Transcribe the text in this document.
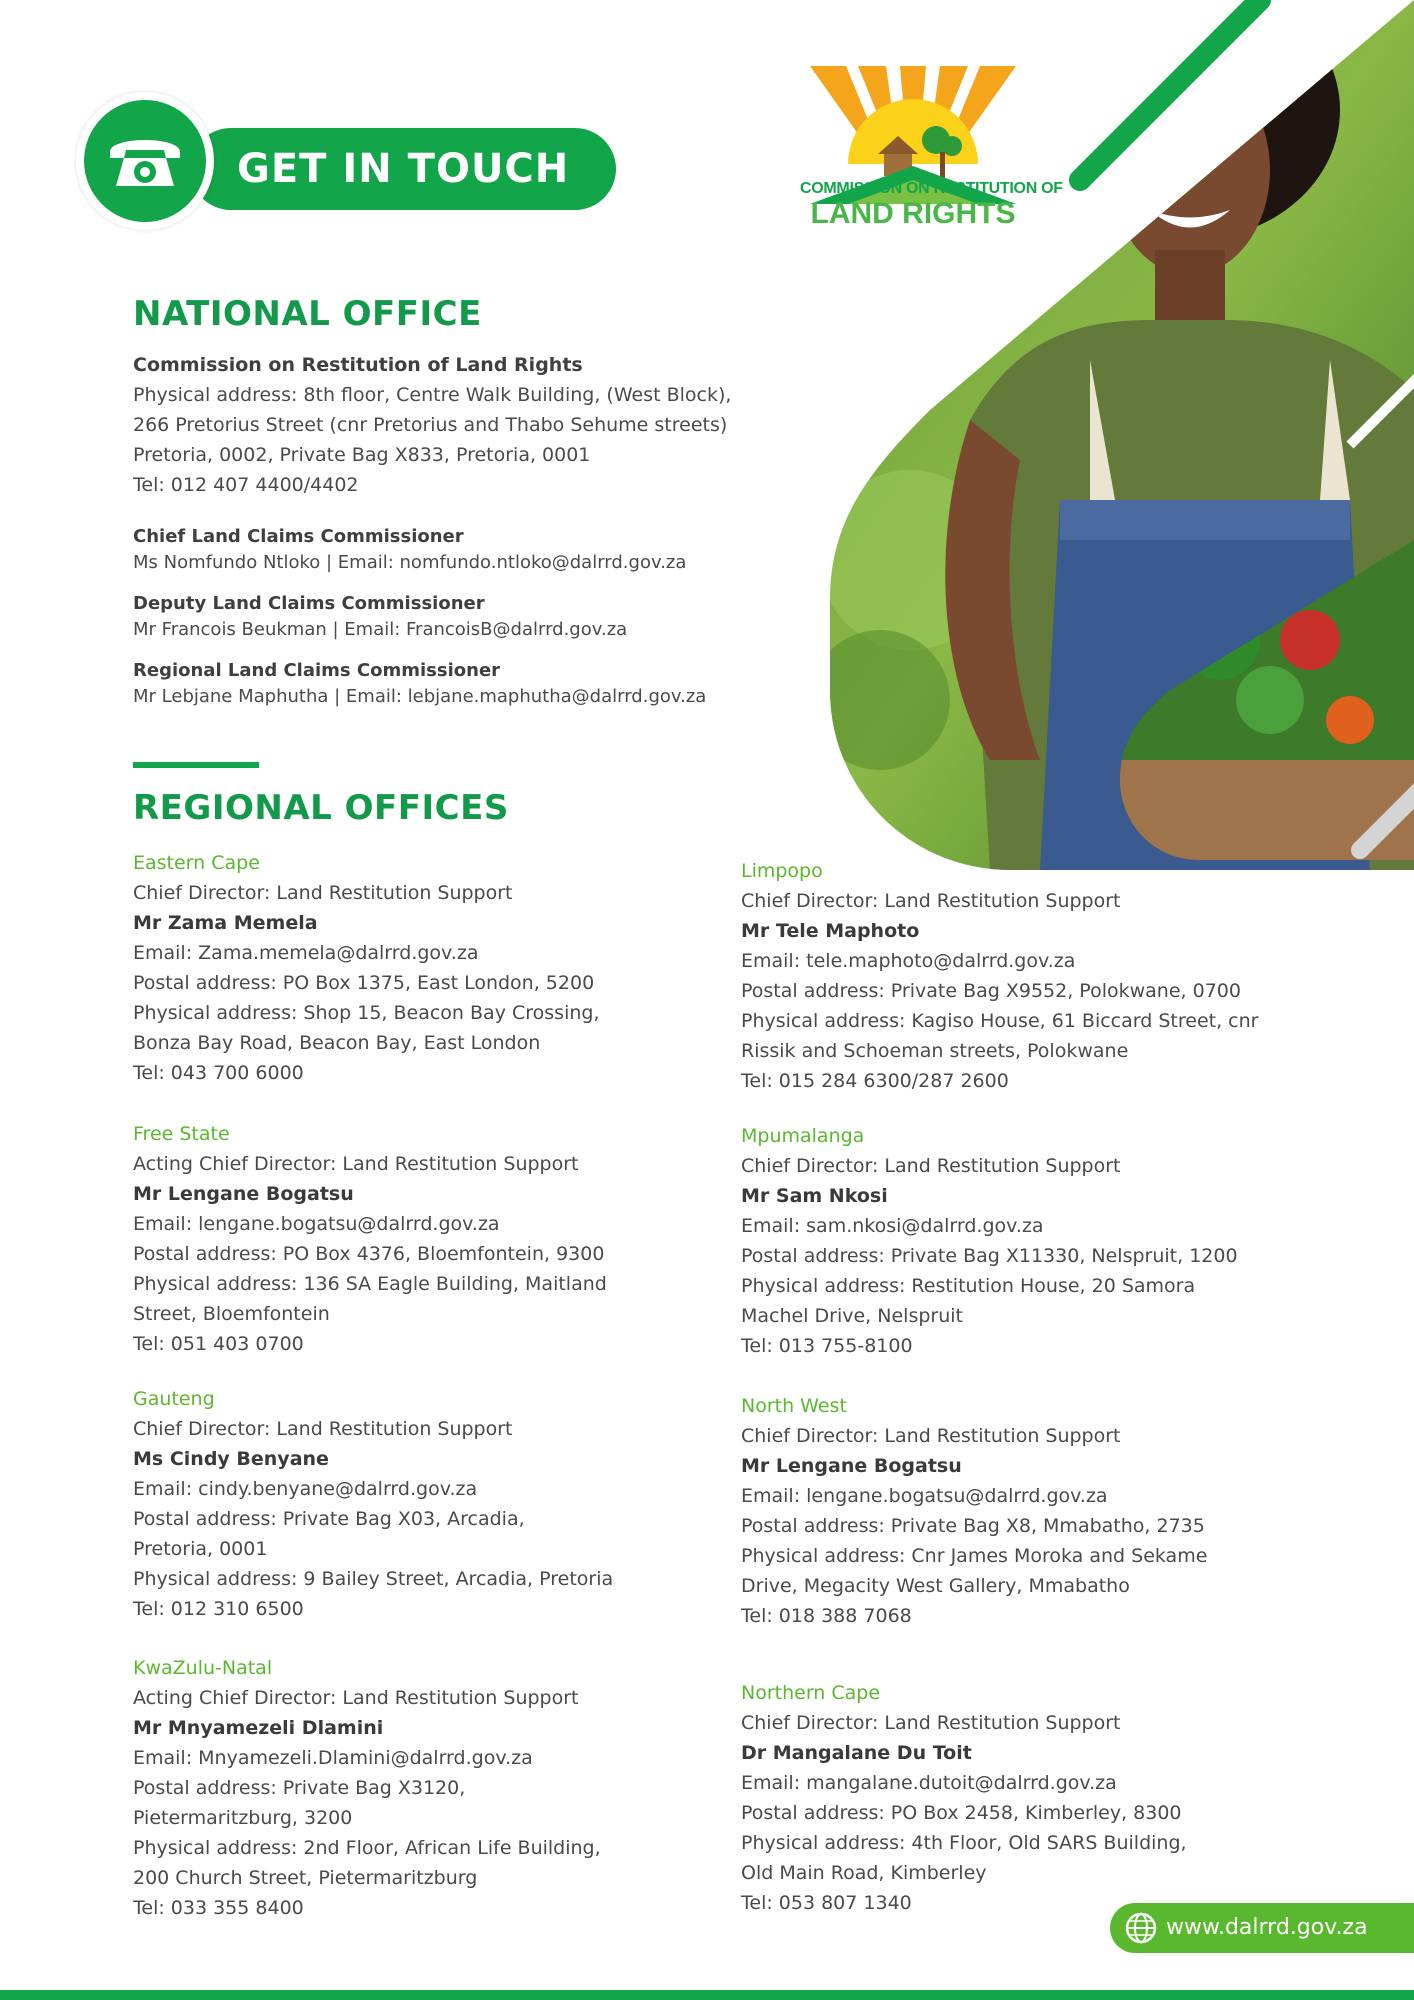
GET IN TOUCH	COMMISSION ON RESTITUTION OF
LAND RIGHTS
NATIONAL OFFICE
Commission on Restitution of Land Rights
Physical address: 8th floor, Centre Walk Building, (West Block),
266 Pretorius Street (cnr Pretorius and Thabo Sehume streets)
Pretoria, 0002, Private Bag X833, Pretoria, 0001
Tel: 012 407 4400/4402
Chief Land Claims Commissioner
Ms Nomfundo Ntloko | Email: nomfundo.ntloko@dalrrd.gov.za
Deputy Land Claims Commissioner
Mr Francois Beukman | Email: FrancoisB@dalrrd.gov.za
Regional Land Claims Commissioner
Mr Lebjane Maphutha | Email: lebjane.maphutha@dalrrd.gov.za
REGIONAL OFFICES
Eastern Cape
Chief Director: Land Restitution Support
Mr Zama Memela
Email: Zama.memela@dalrrd.gov.za
Postal address: PO Box 1375, East London, 5200
Physical address: Shop 15, Beacon Bay Crossing,
Bonza Bay Road, Beacon Bay, East London
Tel: 043 700 6000
Free State
Acting Chief Director: Land Restitution Support
Mr Lengane Bogatsu
Email: lengane.bogatsu@dalrrd.gov.za
Postal address: PO Box 4376, Bloemfontein, 9300
Physical address: 136 SA Eagle Building, Maitland
Street, Bloemfontein
Tel: 051 403 0700
Gauteng
Chief Director: Land Restitution Support
Ms Cindy Benyane
Email: cindy.benyane@dalrrd.gov.za
Postal address: Private Bag X03, Arcadia,
Pretoria, 0001
Physical address: 9 Bailey Street, Arcadia, Pretoria
Tel: 012 310 6500
KwaZulu-Natal
Acting Chief Director: Land Restitution Support
Mr Mnyamezeli Dlamini
Email: Mnyamezeli.Dlamini@dalrrd.gov.za
Postal address: Private Bag X3120,
Pietermaritzburg, 3200
Physical address: 2nd Floor, African Life Building,
200 Church Street, Pietermaritzburg
Tel: 033 355 8400
Limpopo
Chief Director: Land Restitution Support
Mr Tele Maphoto
Email: tele.maphoto@dalrrd.gov.za
Postal address: Private Bag X9552, Polokwane, 0700
Physical address: Kagiso House, 61 Biccard Street, cnr
Rissik and Schoeman streets, Polokwane
Tel: 015 284 6300/287 2600
Mpumalanga
Chief Director: Land Restitution Support
Mr Sam Nkosi
Email: sam.nkosi@dalrrd.gov.za
Postal address: Private Bag X11330, Nelspruit, 1200
Physical address: Restitution House, 20 Samora
Machel Drive, Nelspruit
Tel: 013 755-8100
North West
Chief Director: Land Restitution Support
Mr Lengane Bogatsu
Email: lengane.bogatsu@dalrrd.gov.za
Postal address: Private Bag X8, Mmabatho, 2735
Physical address: Cnr James Moroka and Sekame
Drive, Megacity West Gallery, Mmabatho
Tel: 018 388 7068
Northern Cape
Chief Director: Land Restitution Support
Dr Mangalane Du Toit
Email: mangalane.dutoit@dalrrd.gov.za
Postal address: PO Box 2458, Kimberley, 8300
Physical address: 4th Floor, Old SARS Building,
Old Main Road, Kimberley
Tel: 053 807 1340
www.dalrrd.gov.za
